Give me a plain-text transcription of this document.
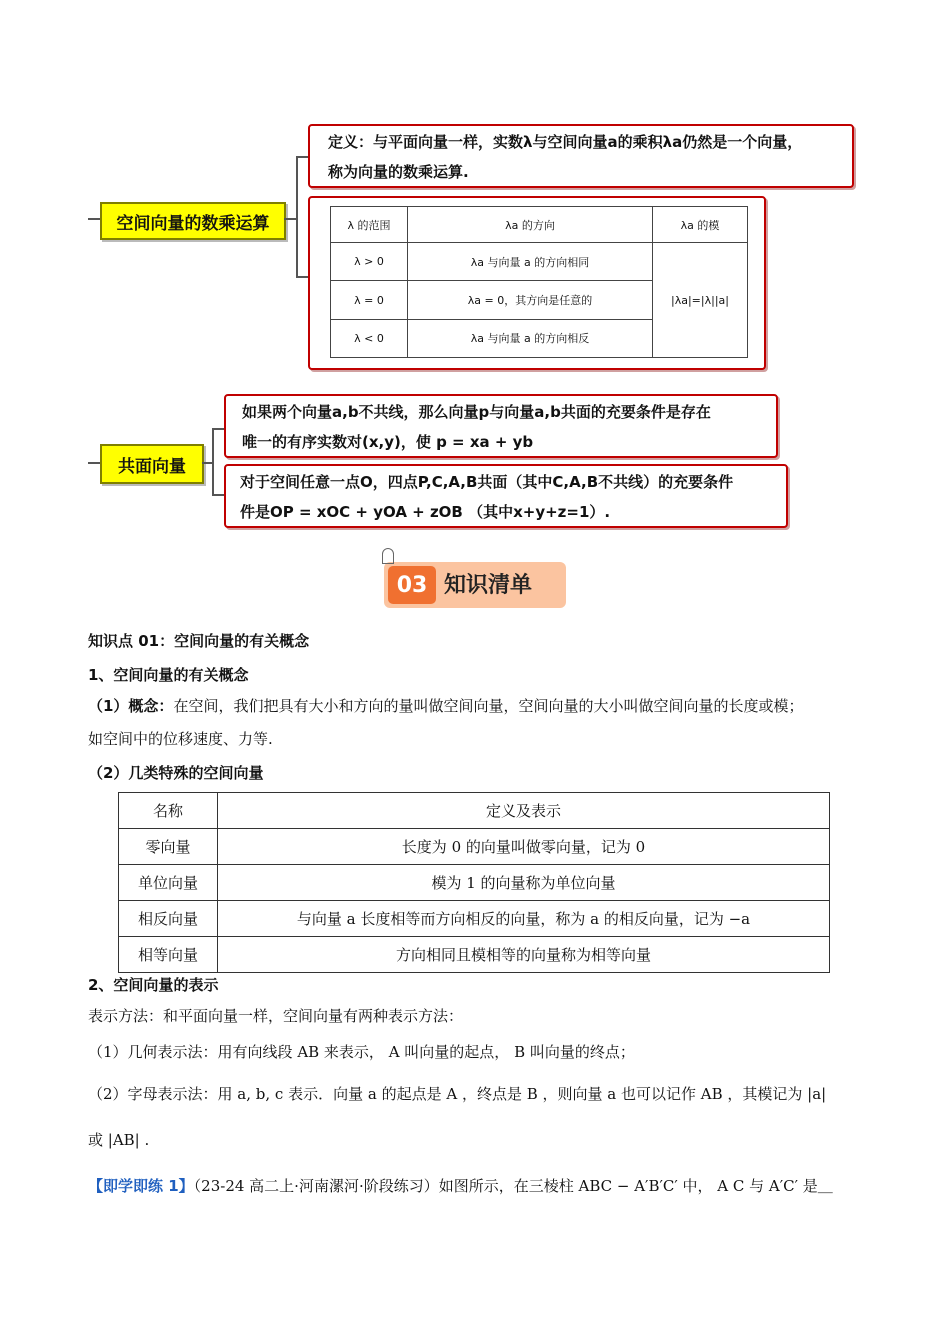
空间向量的数乘运算

定义：与平面向量一样，实数λ与空间向量a的乘积λa仍然是一个向量，

称为向量的数乘运算.

λ 的范围	λa 的方向	λa 的模
λ > 0	λa 与向量 a 的方向相同	|λa|=|λ||a|
λ = 0	λa = 0，其方向是任意的	
λ < 0	λa 与向量 a 的方向相反	
共面向量

如果两个向量a,b不共线，那么向量p与向量a,b共面的充要条件是存在

唯一的有序实数对(x,y)，使 p = xa + yb

对于空间任意一点O，四点P,C,A,B共面（其中C,A,B不共线）的充要条件

件是OP = xOC + yOA + zOB （其中x+y+z=1）.

03 知识清单
知识点 01：空间向量的有关概念
1、空间向量的有关概念
（1）概念：在空间，我们把具有大小和方向的量叫做空间向量，空间向量的大小叫做空间向量的长度或模；
如空间中的位移速度、力等.
（2）几类特殊的空间向量
名称	定义及表示
零向量	长度为 0 的向量叫做零向量，记为 0
单位向量	模为 1 的向量称为单位向量
相反向量	与向量 a 长度相等而方向相反的向量，称为 a 的相反向量，记为 −a
相等向量	方向相同且模相等的向量称为相等向量
2、空间向量的表示
表示方法：和平面向量一样，空间向量有两种表示方法：
（1）几何表示法：用有向线段 AB 来表示， A 叫向量的起点， B 叫向量的终点；
（2）字母表示法：用 a, b, c 表示．向量 a 的起点是 A ，终点是 B ，则向量 a 也可以记作 AB ，其模记为 |a|
或 |AB| .
【即学即练 1】（23-24 高二上·河南漯河·阶段练习）如图所示，在三棱柱 ABC − A′B′C′ 中， A C 与 A′C′ 是＿
